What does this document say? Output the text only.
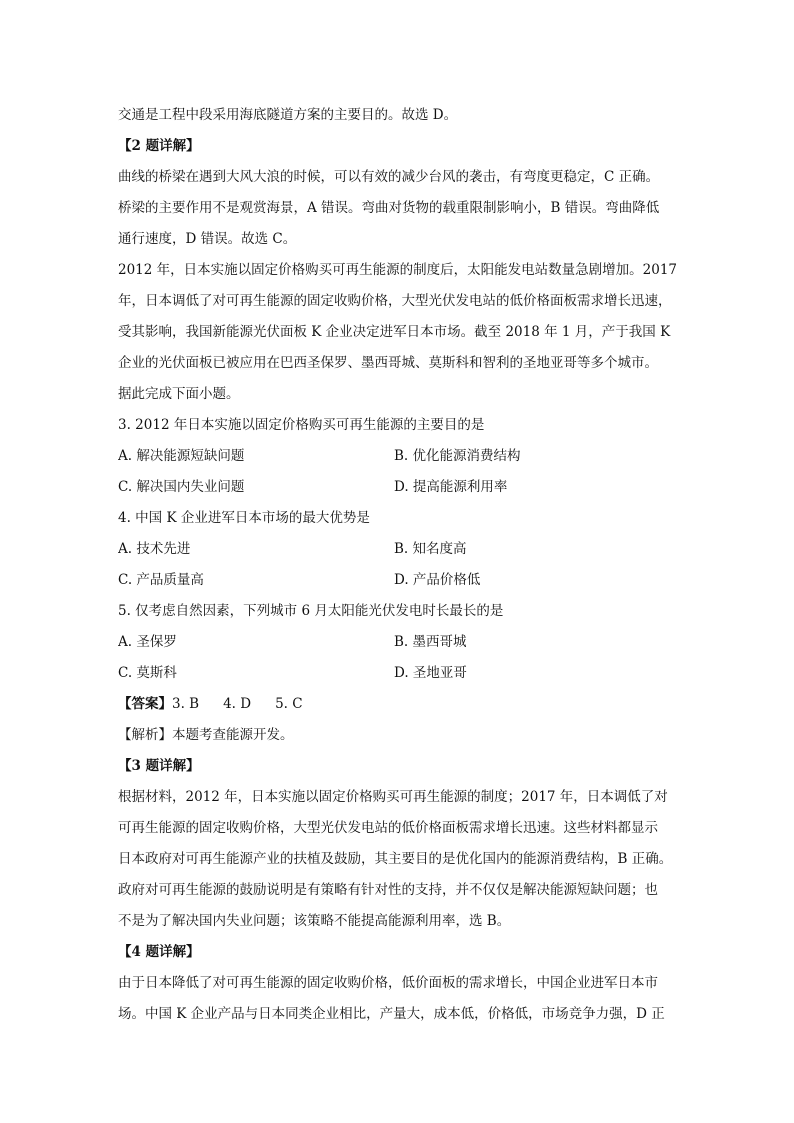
交通是工程中段采用海底隧道方案的主要目的。故选 D。
【2 题详解】
曲线的桥梁在遇到大风大浪的时候，可以有效的减少台风的袭击，有弯度更稳定，C 正确。
桥梁的主要作用不是观赏海景，A 错误。弯曲对货物的载重限制影响小，B 错误。弯曲降低
通行速度，D 错误。故选 C。
2012 年，日本实施以固定价格购买可再生能源的制度后，太阳能发电站数量急剧增加。2017
年，日本调低了对可再生能源的固定收购价格，大型光伏发电站的低价格面板需求增长迅速，
受其影响，我国新能源光伏面板 K 企业决定进军日本市场。截至 2018 年 1 月，产于我国 K
企业的光伏面板已被应用在巴西圣保罗、墨西哥城、莫斯科和智利的圣地亚哥等多个城市。
据此完成下面小题。
3. 2012 年日本实施以固定价格购买可再生能源的主要目的是
A. 解决能源短缺问题	B. 优化能源消费结构
C. 解决国内失业问题	D. 提高能源利用率
4. 中国 K 企业进军日本市场的最大优势是
A. 技术先进	B. 知名度高
C. 产品质量高	D. 产品价格低
5. 仅考虑自然因素，下列城市 6 月太阳能光伏发电时长最长的是
A. 圣保罗	B. 墨西哥城
C. 莫斯科	D. 圣地亚哥
【答案】 3. B 4. D 5. C
【解析】本题考查能源开发。
【3 题详解】
根据材料，2012 年，日本实施以固定价格购买可再生能源的制度；2017 年，日本调低了对
可再生能源的固定收购价格，大型光伏发电站的低价格面板需求增长迅速。这些材料都显示
日本政府对可再生能源产业的扶植及鼓励，其主要目的是优化国内的能源消费结构，B 正确。
政府对可再生能源的鼓励说明是有策略有针对性的支持，并不仅仅是解决能源短缺问题；也
不是为了解决国内失业问题；该策略不能提高能源利用率，选 B。
【4 题详解】
由于日本降低了对可再生能源的固定收购价格，低价面板的需求增长，中国企业进军日本市
场。中国 K 企业产品与日本同类企业相比，产量大，成本低，价格低，市场竞争力强，D 正
